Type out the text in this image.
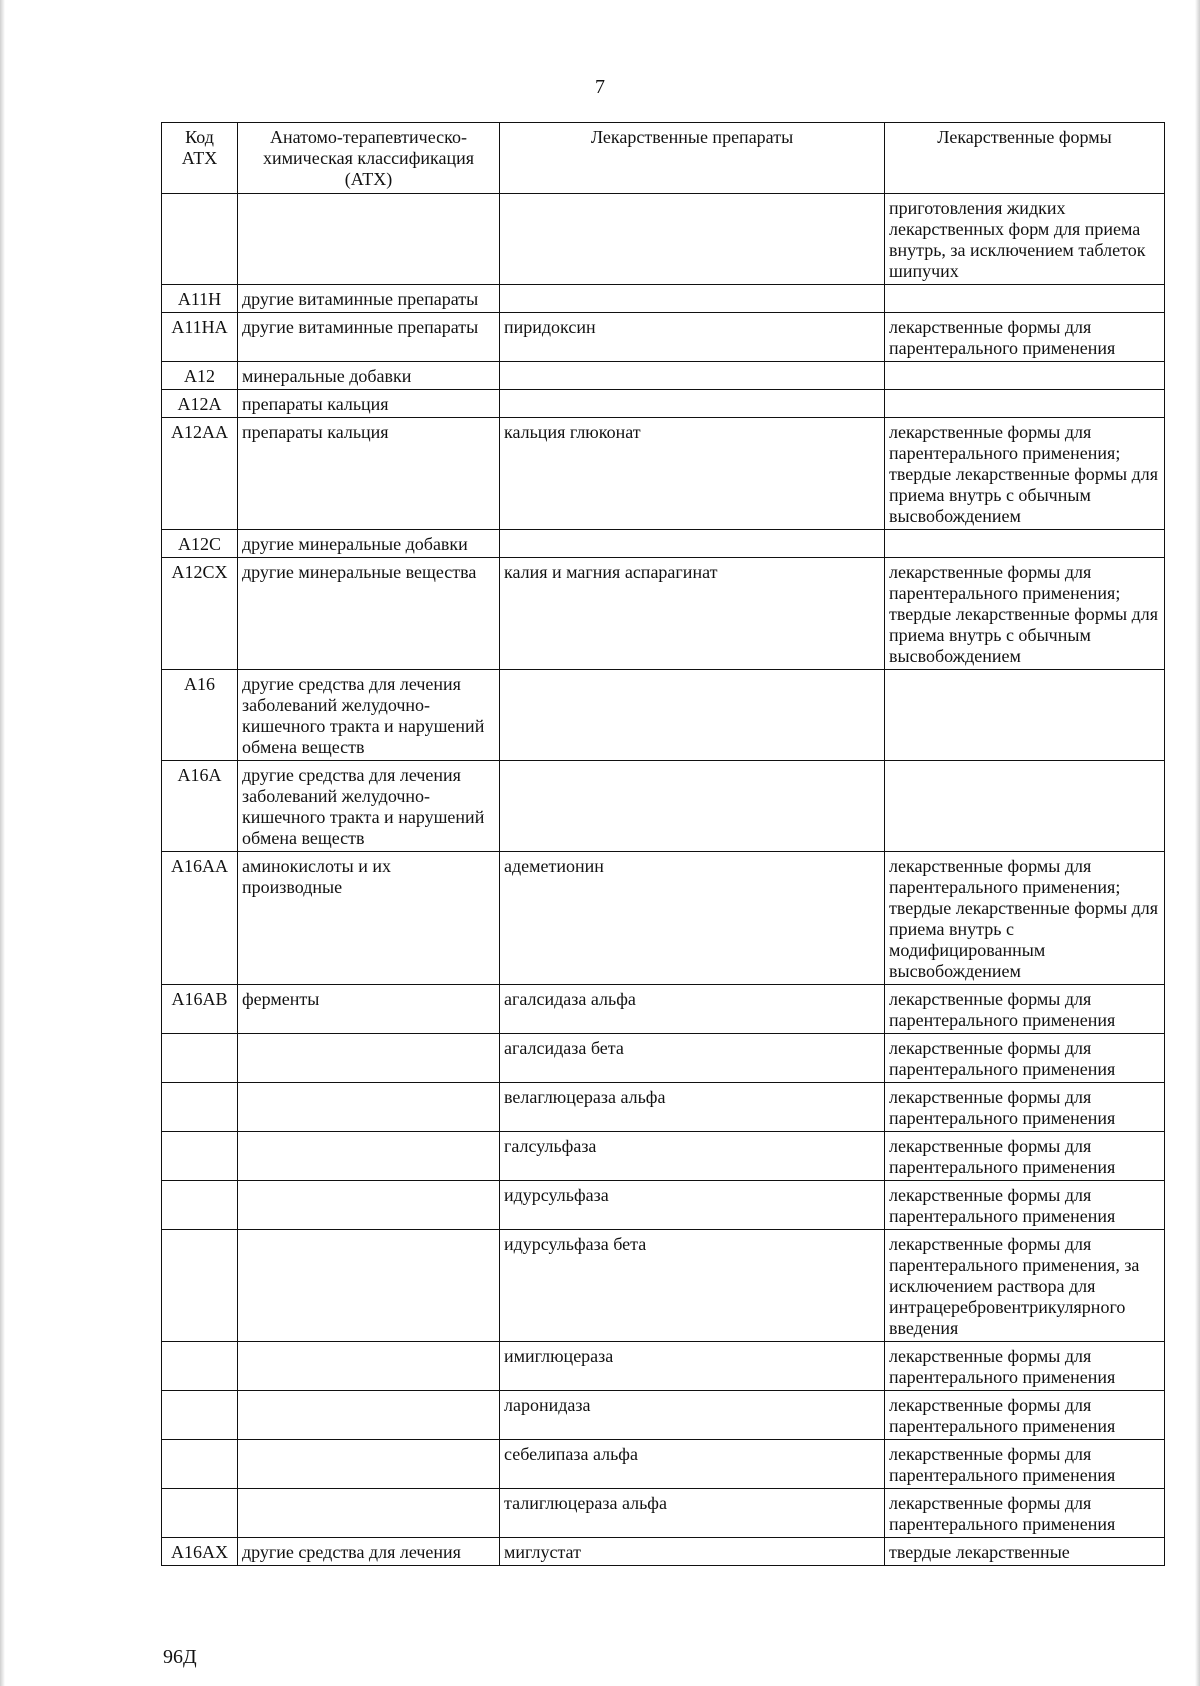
7
Код АТХ	Анатомо-терапевтическо-химическая классификация (АТХ)	Лекарственные препараты	Лекарственные формы
			приготовления жидких лекарственных форм для приема внутрь, за исключением таблеток шипучих
A11H	другие витаминные препараты		
A11HA	другие витаминные препараты	пиридоксин	лекарственные формы для парентерального применения
A12	минеральные добавки		
A12A	препараты кальция		
A12AA	препараты кальция	кальция глюконат	лекарственные формы для парентерального применения; твердые лекарственные формы для приема внутрь с обычным высвобождением
A12C	другие минеральные добавки		
A12CX	другие минеральные вещества	калия и магния аспарагинат	лекарственные формы для парентерального применения; твердые лекарственные формы для приема внутрь с обычным высвобождением
A16	другие средства для лечения заболеваний желудочно-кишечного тракта и нарушений обмена веществ		
A16A	другие средства для лечения заболеваний желудочно-кишечного тракта и нарушений обмена веществ		
A16AA	аминокислоты и их производные	адеметионин	лекарственные формы для парентерального применения; твердые лекарственные формы для приема внутрь с модифицированным высвобождением
A16AB	ферменты	агалсидаза альфа	лекарственные формы для парентерального применения
		агалсидаза бета	лекарственные формы для парентерального применения
		велаглюцераза альфа	лекарственные формы для парентерального применения
		галсульфаза	лекарственные формы для парентерального применения
		идурсульфаза	лекарственные формы для парентерального применения
		идурсульфаза бета	лекарственные формы для парентерального применения, за исключением раствора для интрацеребровентрикулярного введения
		имиглюцераза	лекарственные формы для парентерального применения
		ларонидаза	лекарственные формы для парентерального применения
		себелипаза альфа	лекарственные формы для парентерального применения
		талиглюцераза альфа	лекарственные формы для парентерального применения
A16AX	другие средства для лечения	миглустат	твердые лекарственные
96Д
